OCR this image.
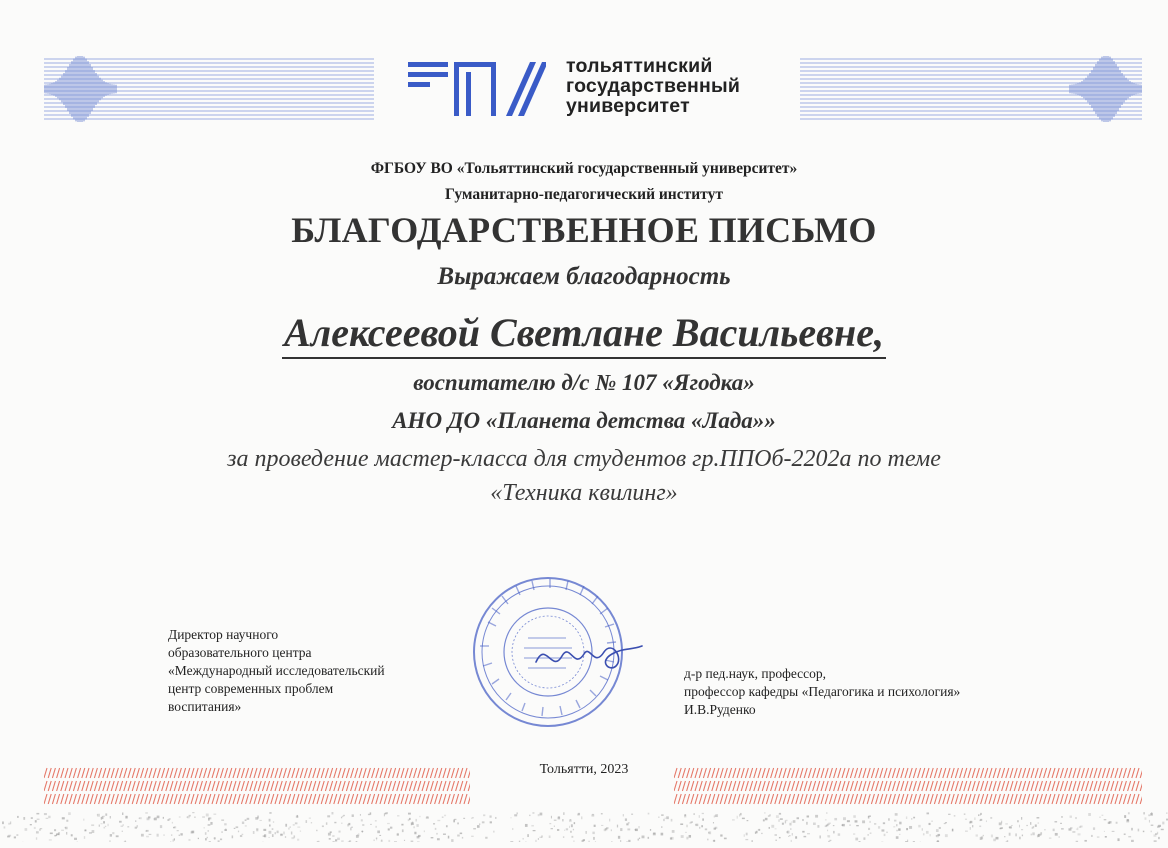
тольяттинский
государственный
университет
ФГБОУ ВО «Тольяттинский государственный университет»
Гуманитарно-педагогический институт
БЛАГОДАРСТВЕННОЕ ПИСЬМО
Выражаем благодарность
Алексеевой Светлане Васильевне,
воспитателю д/с № 107 «Ягодка»
АНО ДО «Планета детства «Лада»»
за проведение мастер-класса для студентов гр.ППОб-2202а по теме
«Техника квилинг»
Директор научного
образовательного центра
«Международный исследовательский
центр современных проблем
воспитания»
д-р пед.наук, профессор,
профессор кафедры «Педагогика и психология»
И.В.Руденко
Тольятти, 2023
